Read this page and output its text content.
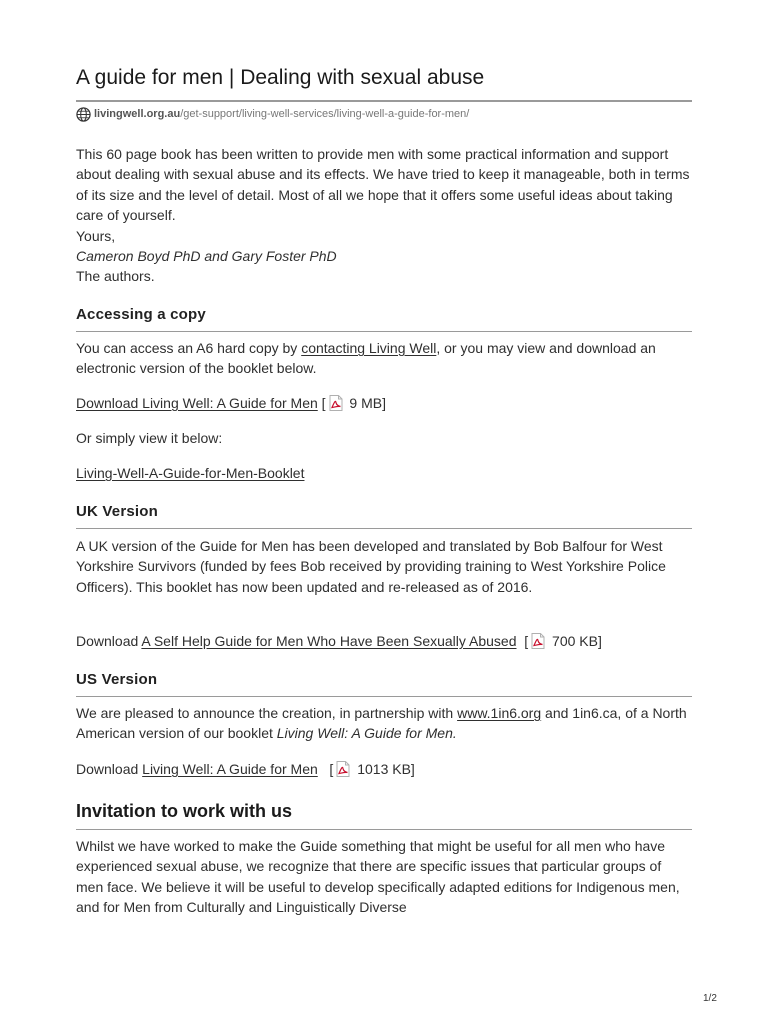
A guide for men | Dealing with sexual abuse
livingwell.org.au /get-support/living-well-services/living-well-a-guide-for-men/

This 60 page book has been written to provide men with some practical information and support about dealing with sexual abuse and its effects. We have tried to keep it manageable, both in terms of its size and the level of detail. Most of all we hope that it offers some useful ideas about taking care of yourself.

Yours,
Cameron Boyd PhD and Gary Foster PhD
The authors.
Accessing a copy

You can access an A6 hard copy by contacting Living Well, or you may view and download an electronic version of the booklet below.

Download Living Well: A Guide for Men [ 9 MB]
Or simply view it below:
Living-Well-A-Guide-for-Men-Booklet
UK Version

A UK version of the Guide for Men has been developed and translated by Bob Balfour for West Yorkshire Survivors (funded by fees Bob received by providing training to West Yorkshire Police Officers). This booklet has now been updated and re-released as of 2016.

Download A Self Help Guide for Men Who Have Been Sexually Abused  [ 700 KB]
US Version

We are pleased to announce the creation, in partnership with www.1in6.org and 1in6.ca, of a North American version of our booklet Living Well: A Guide for Men.

Download Living Well: A Guide for Men   [ 1013 KB]
Invitation to work with us

Whilst we have worked to make the Guide something that might be useful for all men who have experienced sexual abuse, we recognize that there are specific issues that particular groups of men face. We believe it will be useful to develop specifically adapted editions for Indigenous men, and for Men from Culturally and Linguistically Diverse

1/2
